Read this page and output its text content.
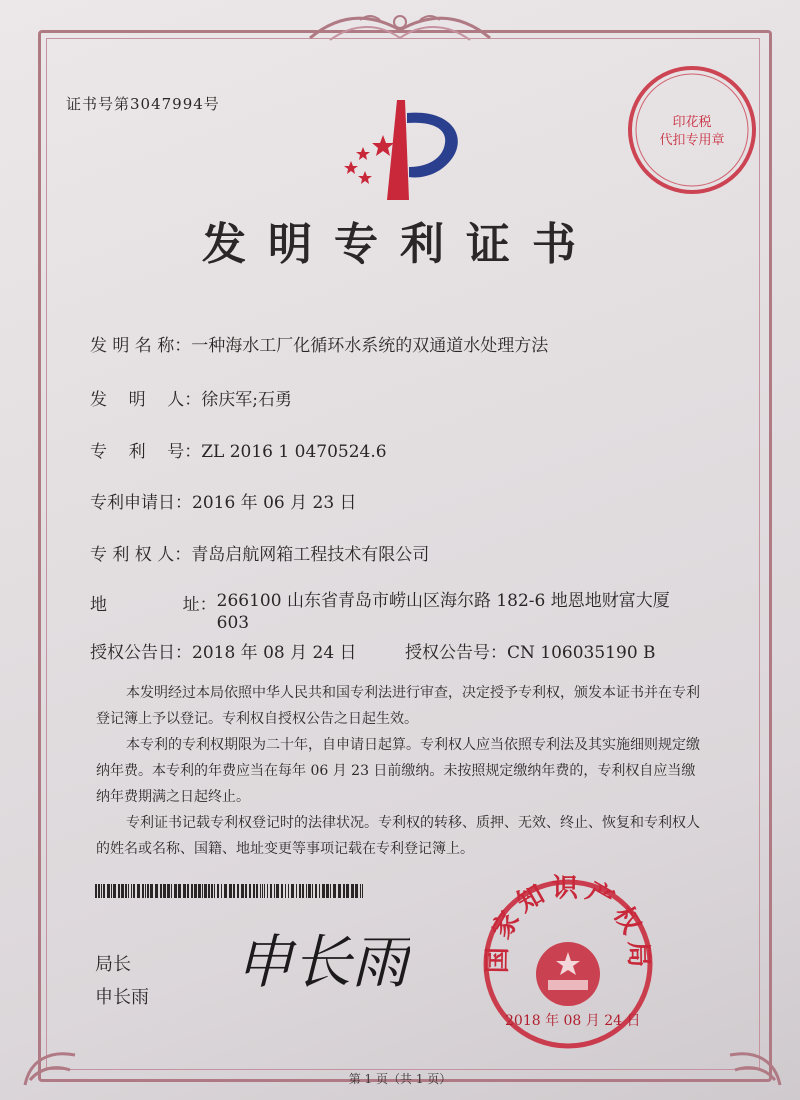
证书号第3047994号
印花税
代扣专用章
发明专利证书
发 明 名 称：一种海水工厂化循环水系统的双通道水处理方法
发    明    人：徐庆军;石勇
专    利    号：ZL 2016 1 0470524.6
专利申请日：2016 年 06 月 23 日
专 利 权 人：青岛启航网箱工程技术有限公司
地              址：266100 山东省青岛市崂山区海尔路 182-6 地恩地财富大厦
603
授权公告日：2018 年 08 月 24 日	授权公告号：CN 106035190 B

本发明经过本局依照中华人民共和国专利法进行审查，决定授予专利权，颁发本证书并在专利登记簿上予以登记。专利权自授权公告之日起生效。

本专利的专利权期限为二十年，自申请日起算。专利权人应当依照专利法及其实施细则规定缴纳年费。本专利的年费应当在每年 06 月 23 日前缴纳。未按照规定缴纳年费的，专利权自应当缴纳年费期满之日起终止。

专利证书记载专利权登记时的法律状况。专利权的转移、质押、无效、终止、恢复和专利权人的姓名或名称、国籍、地址变更等事项记载在专利登记簿上。

申长雨
局长
申长雨
国家知识产权局
2018 年 08 月 24 日
第 1 页（共 1 页）
